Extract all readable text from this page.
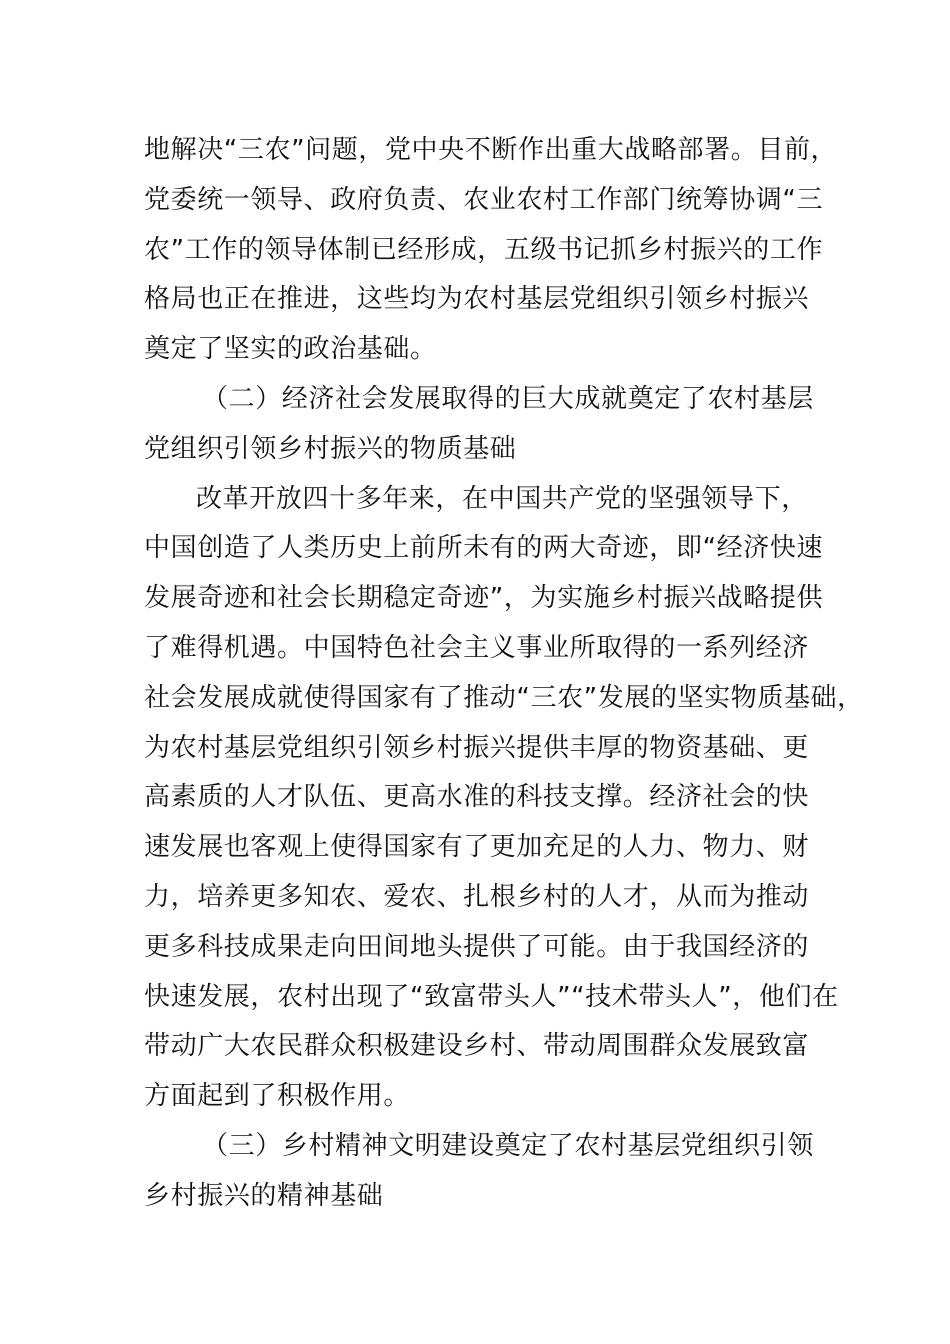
地解决“三农”问题，党中央不断作出重大战略部署。目前，
党委统一领导、政府负责、农业农村工作部门统筹协调“三
农”工作的领导体制已经形成，五级书记抓乡村振兴的工作
格局也正在推进，这些均为农村基层党组织引领乡村振兴
奠定了坚实的政治基础。
（二）经济社会发展取得的巨大成就奠定了农村基层
党组织引领乡村振兴的物质基础
改革开放四十多年来，在中国共产党的坚强领导下，
中国创造了人类历史上前所未有的两大奇迹，即“经济快速
发展奇迹和社会长期稳定奇迹”，为实施乡村振兴战略提供
了难得机遇。中国特色社会主义事业所取得的一系列经济
社会发展成就使得国家有了推动“三农”发展的坚实物质基础，
为农村基层党组织引领乡村振兴提供丰厚的物资基础、更
高素质的人才队伍、更高水准的科技支撑。经济社会的快
速发展也客观上使得国家有了更加充足的人力、物力、财
力，培养更多知农、爱农、扎根乡村的人才，从而为推动
更多科技成果走向田间地头提供了可能。由于我国经济的
快速发展，农村出现了“致富带头人”“技术带头人”，他们在
带动广大农民群众积极建设乡村、带动周围群众发展致富
方面起到了积极作用。
（三）乡村精神文明建设奠定了农村基层党组织引领
乡村振兴的精神基础
